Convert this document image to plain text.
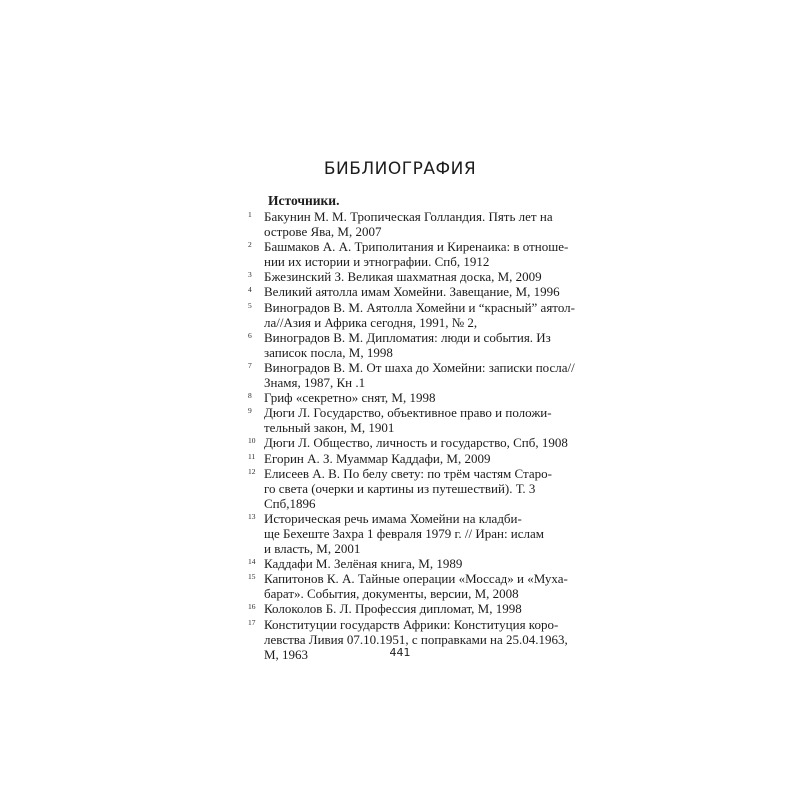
БИБЛИОГРАФИЯ
Источники.
1 Бакунин М. М. Тропическая Голландия. Пять лет на
острове Ява, М, 2007
2 Башмаков А. А. Триполитания и Киренаика: в отноше-
нии их истории и этнографии. Спб, 1912
3 Бжезинский З. Великая шахматная доска, М, 2009
4 Великий аятолла имам Хомейни. Завещание, М, 1996
5 Виноградов В. М. Аятолла Хомейни и “красный” аятол-
ла//Азия и Африка сегодня, 1991, № 2,
6 Виноградов В. М. Дипломатия: люди и события. Из
записок посла, М, 1998
7 Виноградов В. М. От шаха до Хомейни: записки посла//
Знамя, 1987, Кн .1
8 Гриф «секретно» снят, М, 1998
9 Дюги Л. Государство, объективное право и положи-
тельный закон, М, 1901
10 Дюги Л. Общество, личность и государство, Спб, 1908
11 Егорин А. З. Муаммар Каддафи, М, 2009
12 Елисеев А. В. По белу свету: по трём частям Старо-
го света (очерки и картины из путешествий). Т. 3
Спб,1896
13 Историческая речь имама Хомейни на кладби-
ще Бехеште Захра 1 февраля 1979 г. // Иран: ислам
и власть, М, 2001
14 Каддафи М. Зелёная книга, М, 1989
15 Капитонов К. А. Тайные операции «Моссад» и «Муха-
барат». События, документы, версии, М, 2008
16 Колоколов Б. Л. Профессия дипломат, М, 1998
17 Конституции государств Африки: Конституция коро-
левства Ливия 07.10.1951, с поправками на 25.04.1963,
М, 1963	441
